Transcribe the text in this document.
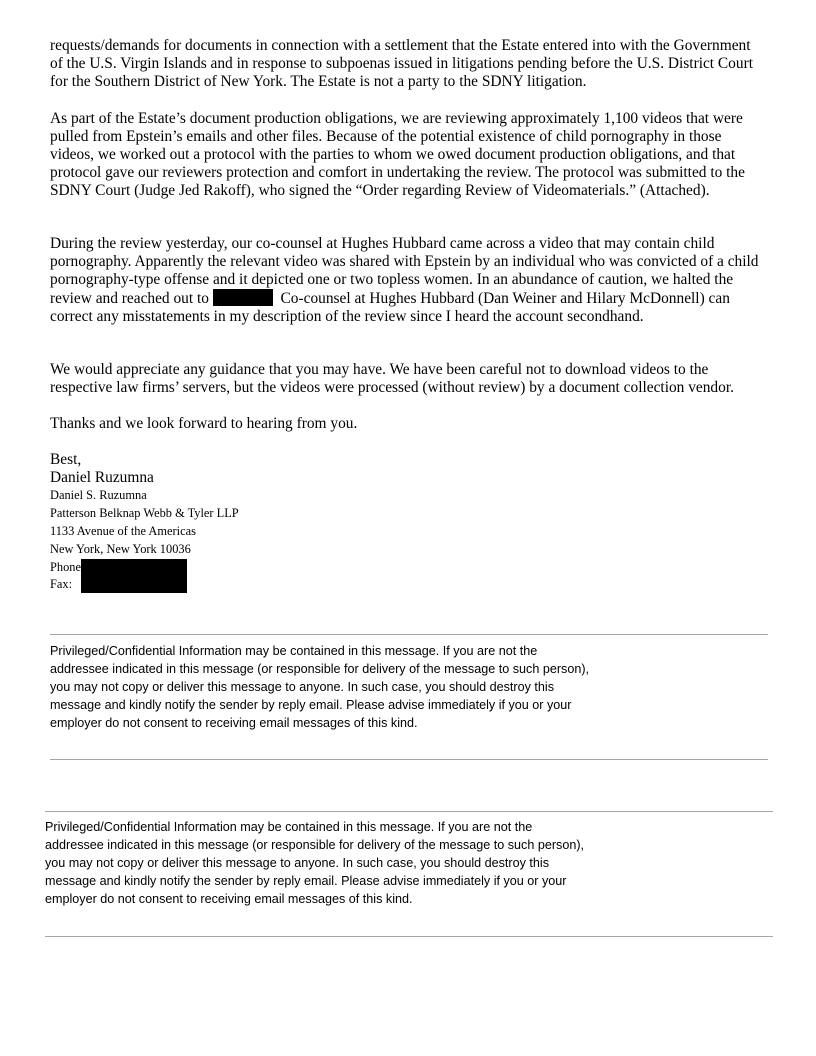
requests/demands for documents in connection with a settlement that the Estate entered into with the Government of the U.S. Virgin Islands and in response to subpoenas issued in litigations pending before the U.S. District Court for the Southern District of New York. The Estate is not a party to the SDNY litigation.

As part of the Estate’s document production obligations, we are reviewing approximately 1,100 videos that were pulled from Epstein’s emails and other files. Because of the potential existence of child pornography in those videos, we worked out a protocol with the parties to whom we owed document production obligations, and that protocol gave our reviewers protection and comfort in undertaking the review. The protocol was submitted to the SDNY Court (Judge Jed Rakoff), who signed the “Order regarding Review of Videomaterials.” (Attached).

During the review yesterday, our co-counsel at Hughes Hubbard came across a video that may contain child pornography. Apparently the relevant video was shared with Epstein by an individual who was convicted of a child pornography-type offense and it depicted one or two topless women. In an abundance of caution, we halted the review and reached out to	Co-counsel at Hughes Hubbard (Dan Weiner and Hilary McDonnell) can correct any misstatements in my description of the review since I heard the account secondhand.

We would appreciate any guidance that you may have. We have been careful not to download videos to the respective law firms’ servers, but the videos were processed (without review) by a document collection vendor.

Thanks and we look forward to hearing from you.

Best,
Daniel Ruzumna
Daniel S. Ruzumna
Patterson Belknap Webb & Tyler LLP
1133 Avenue of the Americas
New York, New York 10036
Phone
Fax:

Privileged/Confidential Information may be contained in this message. If you are not the addressee indicated in this message (or responsible for delivery of the message to such person), you may not copy or deliver this message to anyone. In such case, you should destroy this message and kindly notify the sender by reply email. Please advise immediately if you or your employer do not consent to receiving email messages of this kind.

Privileged/Confidential Information may be contained in this message. If you are not the addressee indicated in this message (or responsible for delivery of the message to such person), you may not copy or deliver this message to anyone. In such case, you should destroy this message and kindly notify the sender by reply email. Please advise immediately if you or your employer do not consent to receiving email messages of this kind.
